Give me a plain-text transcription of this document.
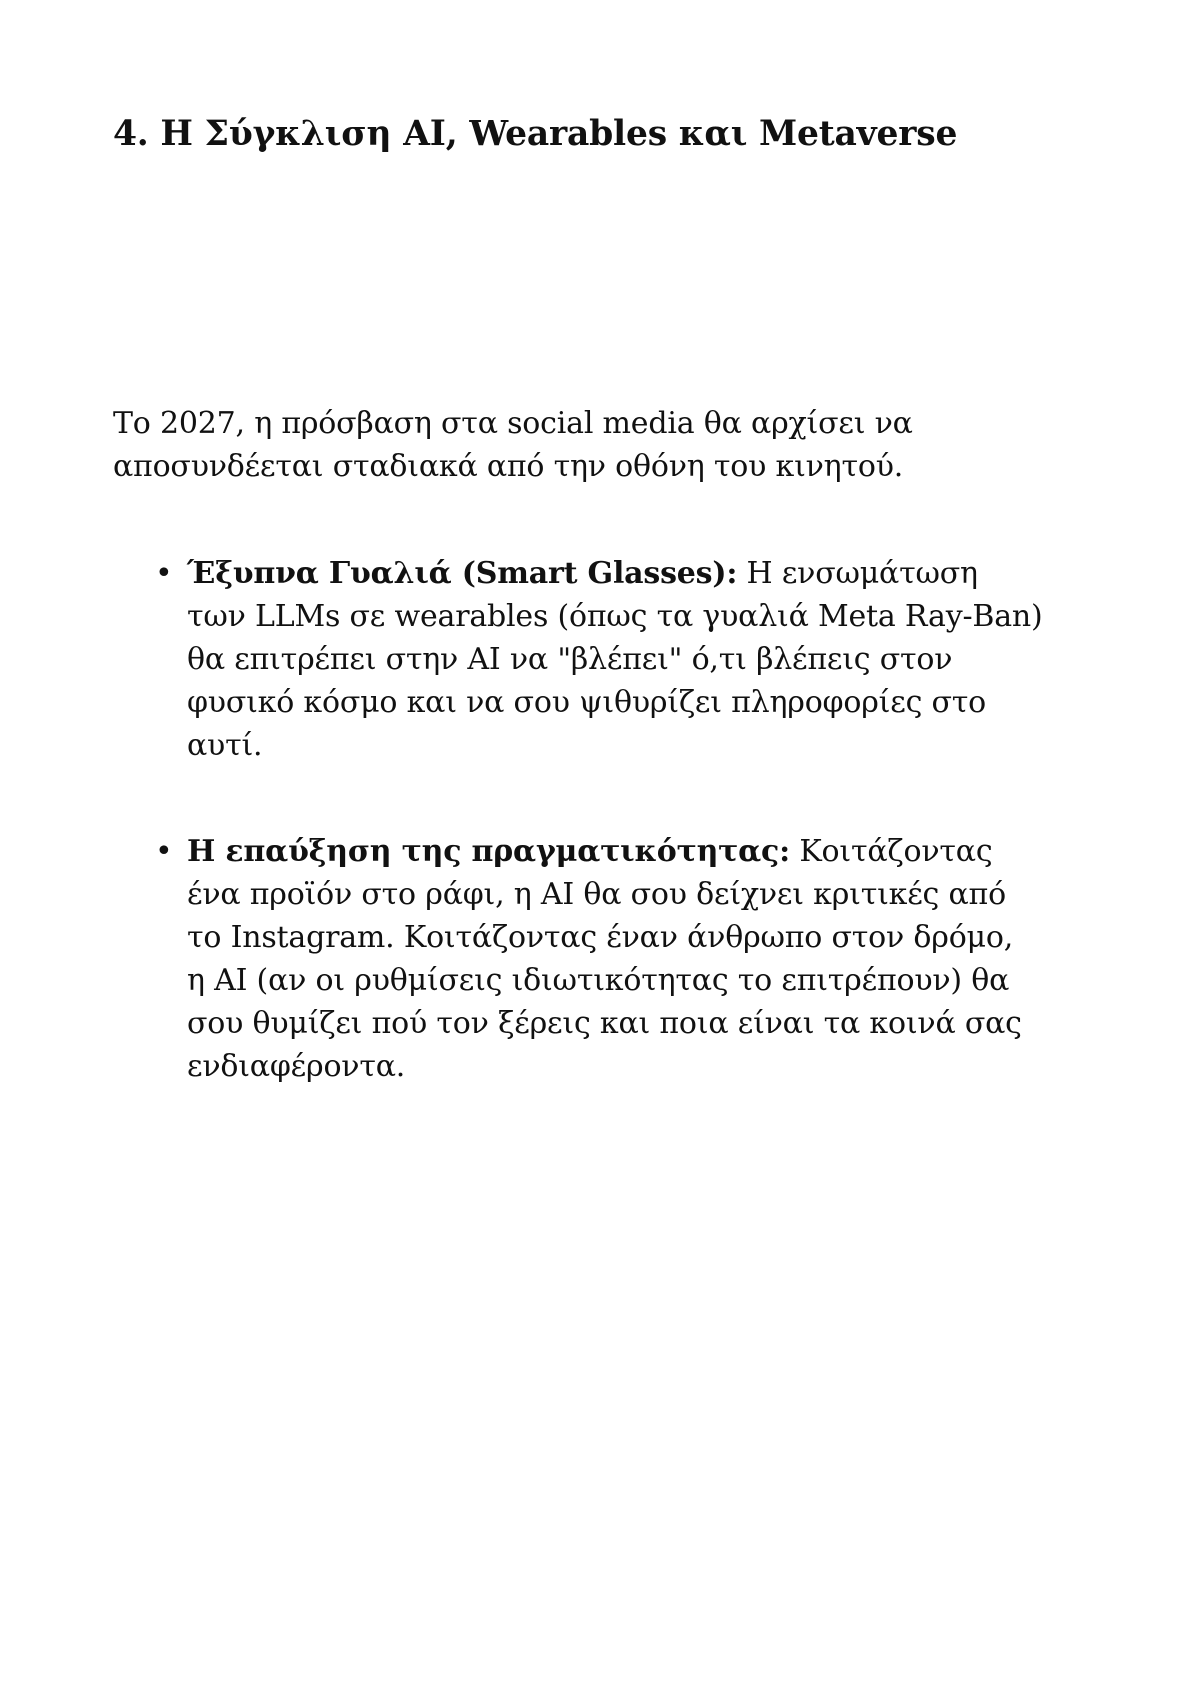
4. Η Σύγκλιση AI, Wearables και Metaverse

Το 2027, η πρόσβαση στα social media θα αρχίσει να
αποσυνδέεται σταδιακά από την οθόνη του κινητού.

• Έξυπνα Γυαλιά (Smart Glasses): Η ενσωμάτωση
των LLMs σε wearables (όπως τα γυαλιά Meta Ray-Ban)
θα επιτρέπει στην AI να "βλέπει" ό,τι βλέπεις στον
φυσικό κόσμο και να σου ψιθυρίζει πληροφορίες στο
αυτί.
• Η επαύξηση της πραγματικότητας: Κοιτάζοντας
ένα προϊόν στο ράφι, η AI θα σου δείχνει κριτικές από
το Instagram. Κοιτάζοντας έναν άνθρωπο στον δρόμο,
η AI (αν οι ρυθμίσεις ιδιωτικότητας το επιτρέπουν) θα
σου θυμίζει πού τον ξέρεις και ποια είναι τα κοινά σας
ενδιαφέροντα.
